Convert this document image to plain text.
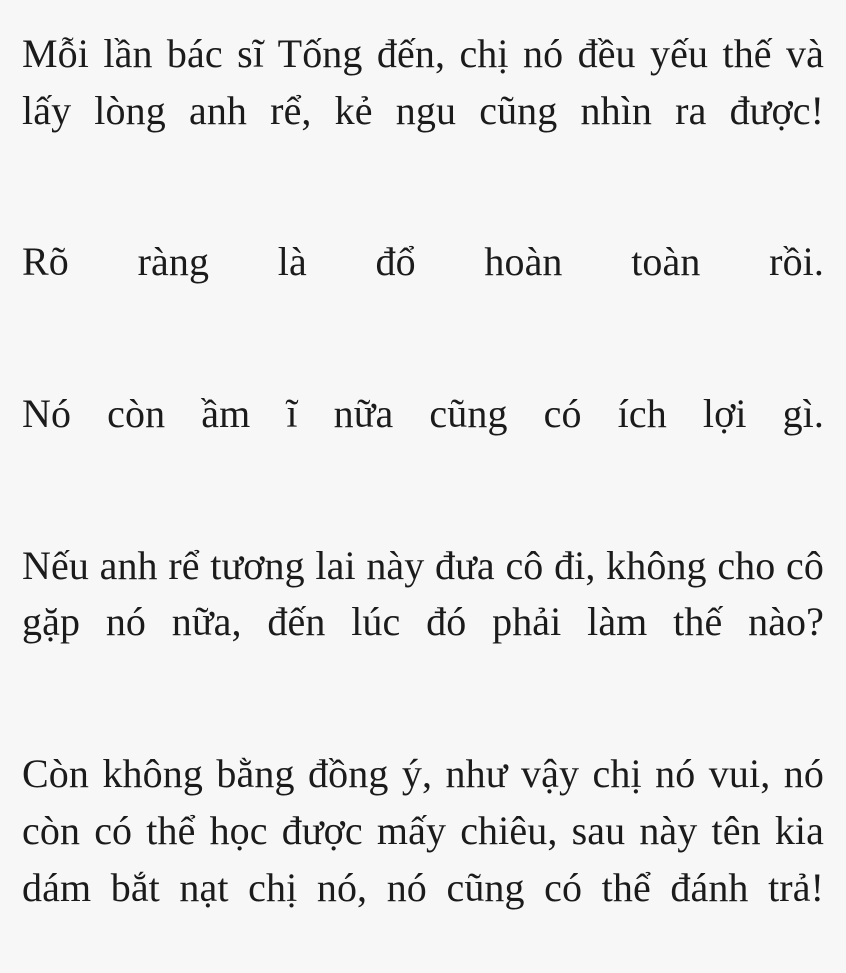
Mỗi lần bác sĩ Tống đến, chị nó đều yếu thế và lấy lòng anh rể, kẻ ngu cũng nhìn ra được!

Rõ ràng là đổ hoàn toàn rồi.

Nó còn ầm ĩ nữa cũng có ích lợi gì.

Nếu anh rể tương lai này đưa cô đi, không cho cô gặp nó nữa, đến lúc đó phải làm thế nào?

Còn không bằng đồng ý, như vậy chị nó vui, nó còn có thể học được mấy chiêu, sau này tên kia dám bắt nạt chị nó, nó cũng có thể đánh trả!
